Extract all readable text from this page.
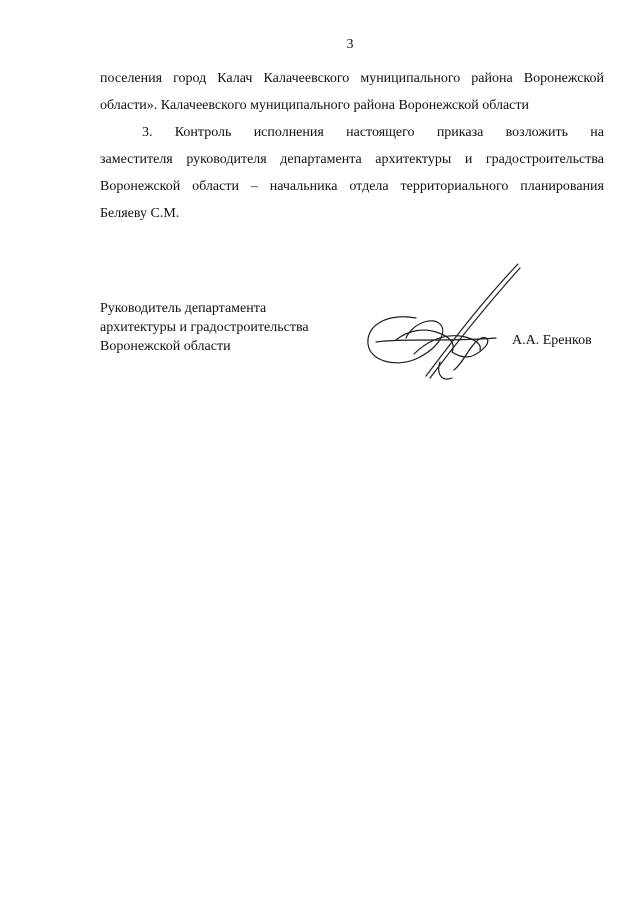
3
поселения город Калач Калачеевского муниципального района Воронежской
области». Калачеевского муниципального района Воронежской области
3. Контроль исполнения настоящего приказа возложить на
заместителя руководителя департамента архитектуры и градостроительства
Воронежской области – начальника отдела территориального планирования
Беляеву С.М.
Руководитель департамента
архитектуры и градостроительства
Воронежской области	А.А. Еренков
